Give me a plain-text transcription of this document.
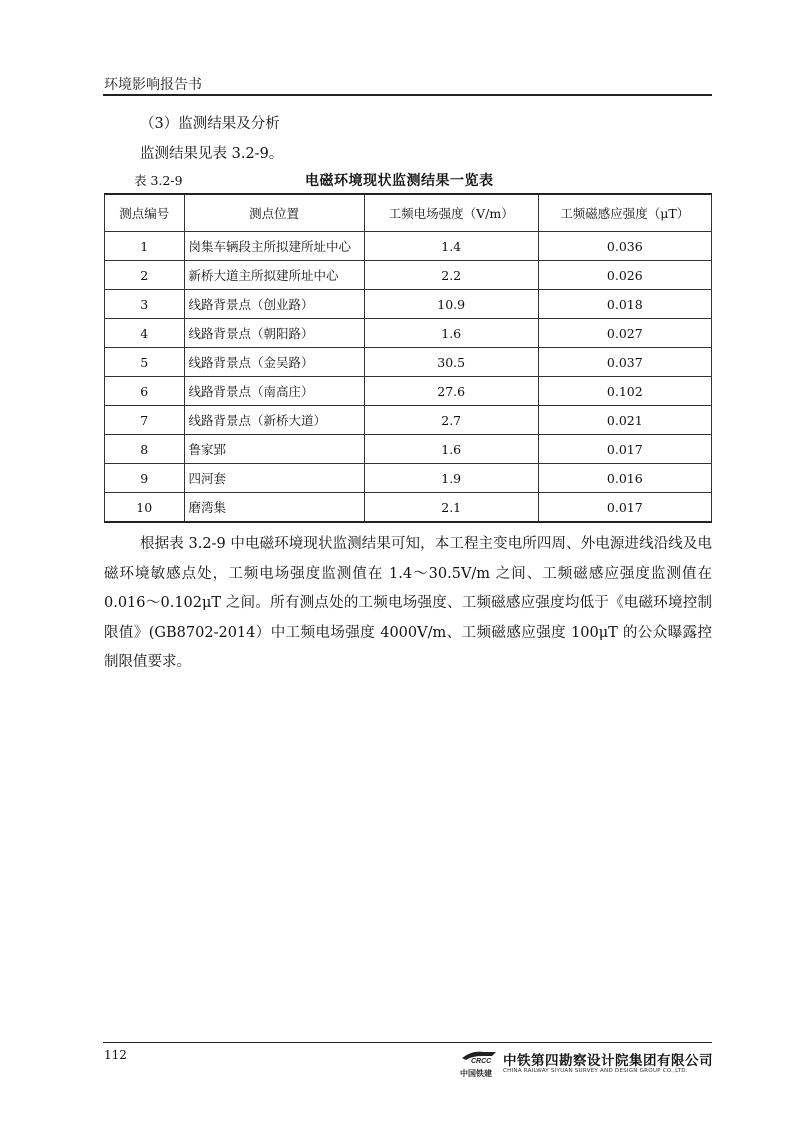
环境影响报告书
（3）监测结果及分析
监测结果见表 3.2-9。
表 3.2-9	电磁环境现状监测结果一览表
测点编号	测点位置	工频电场强度（V/m）	工频磁感应强度（μT）
1	岗集车辆段主所拟建所址中心	1.4	0.036
2	新桥大道主所拟建所址中心	2.2	0.026
3	线路背景点（创业路）	10.9	0.018
4	线路背景点（朝阳路）	1.6	0.027
5	线路背景点（金吴路）	30.5	0.037
6	线路背景点（南高庄）	27.6	0.102
7	线路背景点（新桥大道）	2.7	0.021
8	鲁家郢	1.6	0.017
9	四河套	1.9	0.016
10	磨湾集	2.1	0.017

根据表 3.2-9 中电磁环境现状监测结果可知，本工程主变电所四周、外电源进线沿线及电磁环境敏感点处，工频电场强度监测值在 1.4～30.5V/m 之间、工频磁感应强度监测值在 0.016～0.102μT 之间。所有测点处的工频电场强度、工频磁感应强度均低于《电磁环境控制限值》(GB8702-2014）中工频电场强度 4000V/m、工频磁感应强度 100μT 的公众曝露控制限值要求。

112	CRCC
中国铁建
中铁第四勘察设计院集团有限公司
CHINA RAILWAY SIYUAN SURVEY AND DESIGN GROUP CO.,LTD.
